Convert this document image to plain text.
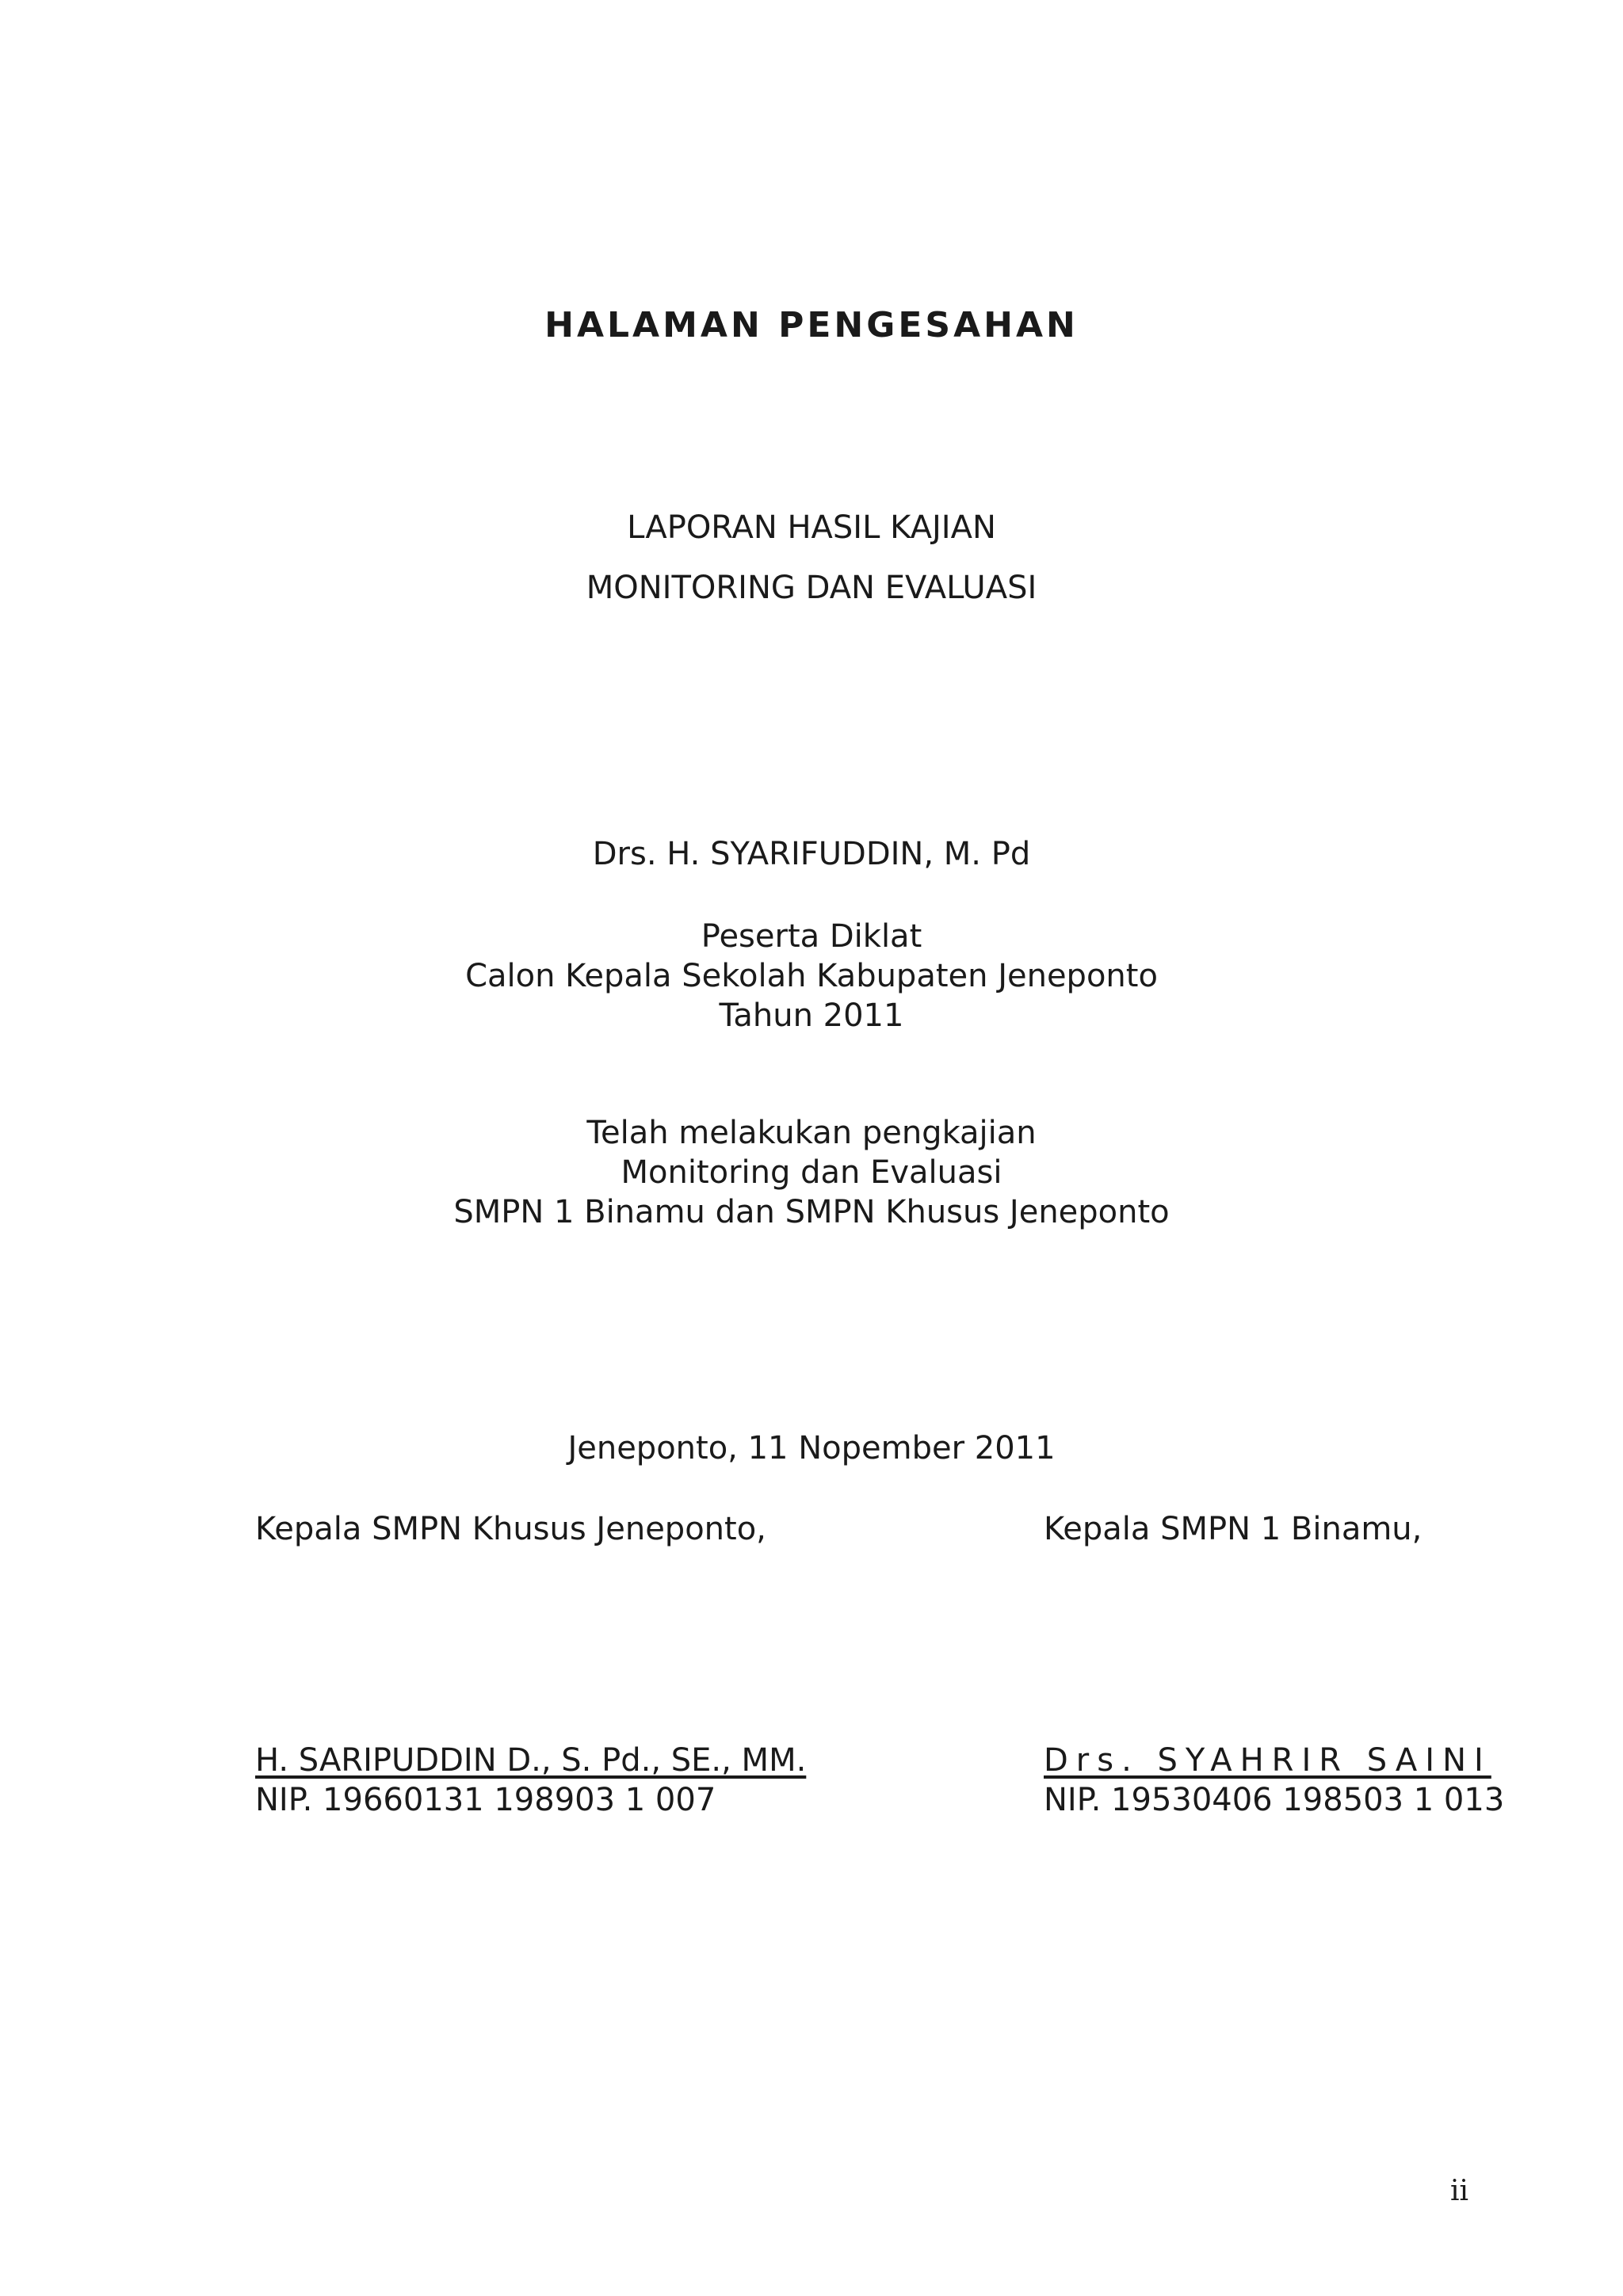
HALAMAN PENGESAHAN
LAPORAN HASIL KAJIAN
MONITORING DAN EVALUASI
Drs. H. SYARIFUDDIN, M. Pd
Peserta Diklat
Calon Kepala Sekolah Kabupaten Jeneponto
Tahun 2011
Telah melakukan pengkajian
Monitoring dan Evaluasi
SMPN 1 Binamu dan SMPN Khusus Jeneponto
Jeneponto, 11 Nopember 2011
Kepala SMPN Khusus Jeneponto,	Kepala SMPN 1 Binamu,
H. SARIPUDDIN D., S. Pd., SE., MM.
NIP. 19660131 198903 1 007
Drs. SYAHRIR SAINI
NIP. 19530406 198503 1 013
ii
